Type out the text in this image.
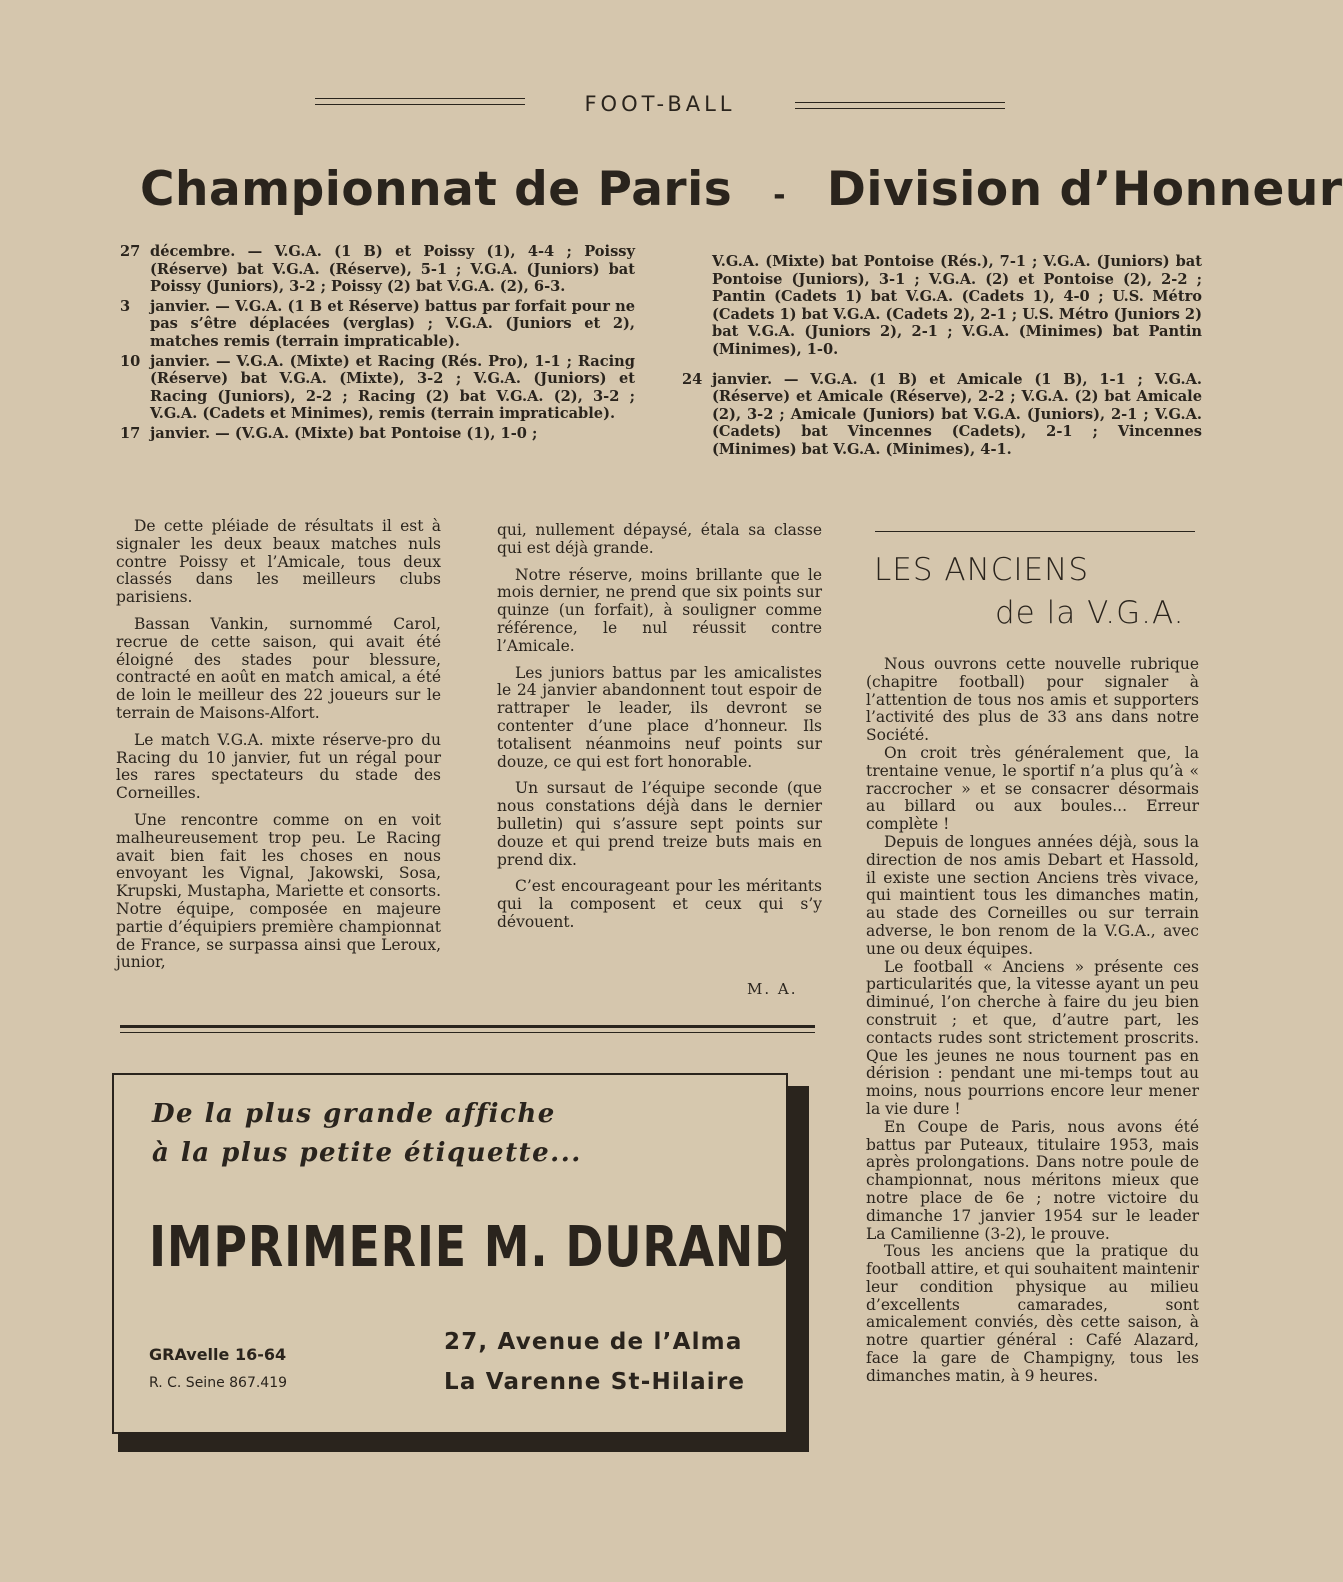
FOOT-BALL
Championnat de Paris - Division d’Honneur

27 décembre. — V.G.A. (1 B) et Poissy (1), 4-4 ; Poissy (Réserve) bat V.G.A. (Réserve), 5-1 ; V.G.A. (Juniors) bat Poissy (Juniors), 3-2 ; Poissy (2) bat V.G.A. (2), 6-3.

3 janvier. — V.G.A. (1 B et Réserve) battus par forfait pour ne pas s’être déplacées (verglas) ; V.G.A. (Juniors et 2), matches remis (terrain impraticable).

10 janvier. — V.G.A. (Mixte) et Racing (Rés. Pro), 1-1 ; Racing (Réserve) bat V.G.A. (Mixte), 3-2 ; V.G.A. (Juniors) et Racing (Juniors), 2-2 ; Racing (2) bat V.G.A. (2), 3-2 ; V.G.A. (Cadets et Minimes), remis (terrain impraticable).

17 janvier. — (V.G.A. (Mixte) bat Pontoise (1), 1-0 ;

V.G.A. (Mixte) bat Pontoise (Rés.), 7-1 ; V.G.A. (Juniors) bat Pontoise (Juniors), 3-1 ; V.G.A. (2) et Pontoise (2), 2-2 ; Pantin (Cadets 1) bat V.G.A. (Cadets 1), 4-0 ; U.S. Métro (Cadets 1) bat V.G.A. (Cadets 2), 2-1 ; U.S. Métro (Juniors 2) bat V.G.A. (Juniors 2), 2-1 ; V.G.A. (Minimes) bat Pantin (Minimes), 1-0.

24 janvier. — V.G.A. (1 B) et Amicale (1 B), 1-1 ; V.G.A. (Réserve) et Amicale (Réserve), 2-2 ; V.G.A. (2) bat Amicale (2), 3-2 ; Amicale (Juniors) bat V.G.A. (Juniors), 2-1 ; V.G.A. (Cadets) bat Vincennes (Cadets), 2-1 ; Vincennes (Minimes) bat V.G.A. (Minimes), 4-1.

De cette pléiade de résultats il est à signaler les deux beaux matches nuls contre Poissy et l’Amicale, tous deux classés dans les meilleurs clubs parisiens.

Bassan Vankin, surnommé Carol, recrue de cette saison, qui avait été éloigné des stades pour blessure, contracté en août en match amical, a été de loin le meilleur des 22 joueurs sur le terrain de Maisons-Alfort.

Le match V.G.A. mixte réserve-pro du Racing du 10 janvier, fut un régal pour les rares spectateurs du stade des Corneilles.

Une rencontre comme on en voit malheureusement trop peu. Le Racing avait bien fait les choses en nous envoyant les Vignal, Jakowski, Sosa, Krupski, Mustapha, Mariette et consorts. Notre équipe, composée en majeure partie d’équipiers première championnat de France, se surpassa ainsi que Leroux, junior,

qui, nullement dépaysé, étala sa classe qui est déjà grande.

Notre réserve, moins brillante que le mois dernier, ne prend que six points sur quinze (un forfait), à souligner comme référence, le nul réussit contre l’Amicale.

Les juniors battus par les amicalistes le 24 janvier abandonnent tout espoir de rattraper le leader, ils devront se contenter d’une place d’honneur. Ils totalisent néanmoins neuf points sur douze, ce qui est fort honorable.

Un sursaut de l’équipe seconde (que nous constations déjà dans le dernier bulletin) qui s’assure sept points sur douze et qui prend treize buts mais en prend dix.

C’est encourageant pour les méritants qui la composent et ceux qui s’y dévouent.

M. A.
LES ANCIENS
de la V.G.A.

Nous ouvrons cette nouvelle rubrique (chapitre football) pour signaler à l’attention de tous nos amis et supporters l’activité des plus de 33 ans dans notre Société.

On croit très généralement que, la trentaine venue, le sportif n’a plus qu’à « raccrocher » et se consacrer désormais au billard ou aux boules... Erreur complète !

Depuis de longues années déjà, sous la direction de nos amis Debart et Hassold, il existe une section Anciens très vivace, qui maintient tous les dimanches matin, au stade des Corneilles ou sur terrain adverse, le bon renom de la V.G.A., avec une ou deux équipes.

Le football « Anciens » présente ces particularités que, la vitesse ayant un peu diminué, l’on cherche à faire du jeu bien construit ; et que, d’autre part, les contacts rudes sont strictement proscrits. Que les jeunes ne nous tournent pas en dérision : pendant une mi-temps tout au moins, nous pourrions encore leur mener la vie dure !

En Coupe de Paris, nous avons été battus par Puteaux, titulaire 1953, mais après prolongations. Dans notre poule de championnat, nous méritons mieux que notre place de 6e ; notre victoire du dimanche 17 janvier 1954 sur le leader La Camilienne (3-2), le prouve.

Tous les anciens que la pratique du football attire, et qui souhaitent maintenir leur condition physique au milieu d’excellents camarades, sont amicalement conviés, dès cette saison, à notre quartier général : Café Alazard, face la gare de Champigny, tous les dimanches matin, à 9 heures.

De la plus grande affiche
à la plus petite étiquette...
IMPRIMERIE M. DURAND
GRAvelle 16-64
R. C. Seine 867.419
27, Avenue de l’Alma
La Varenne St-Hilaire
